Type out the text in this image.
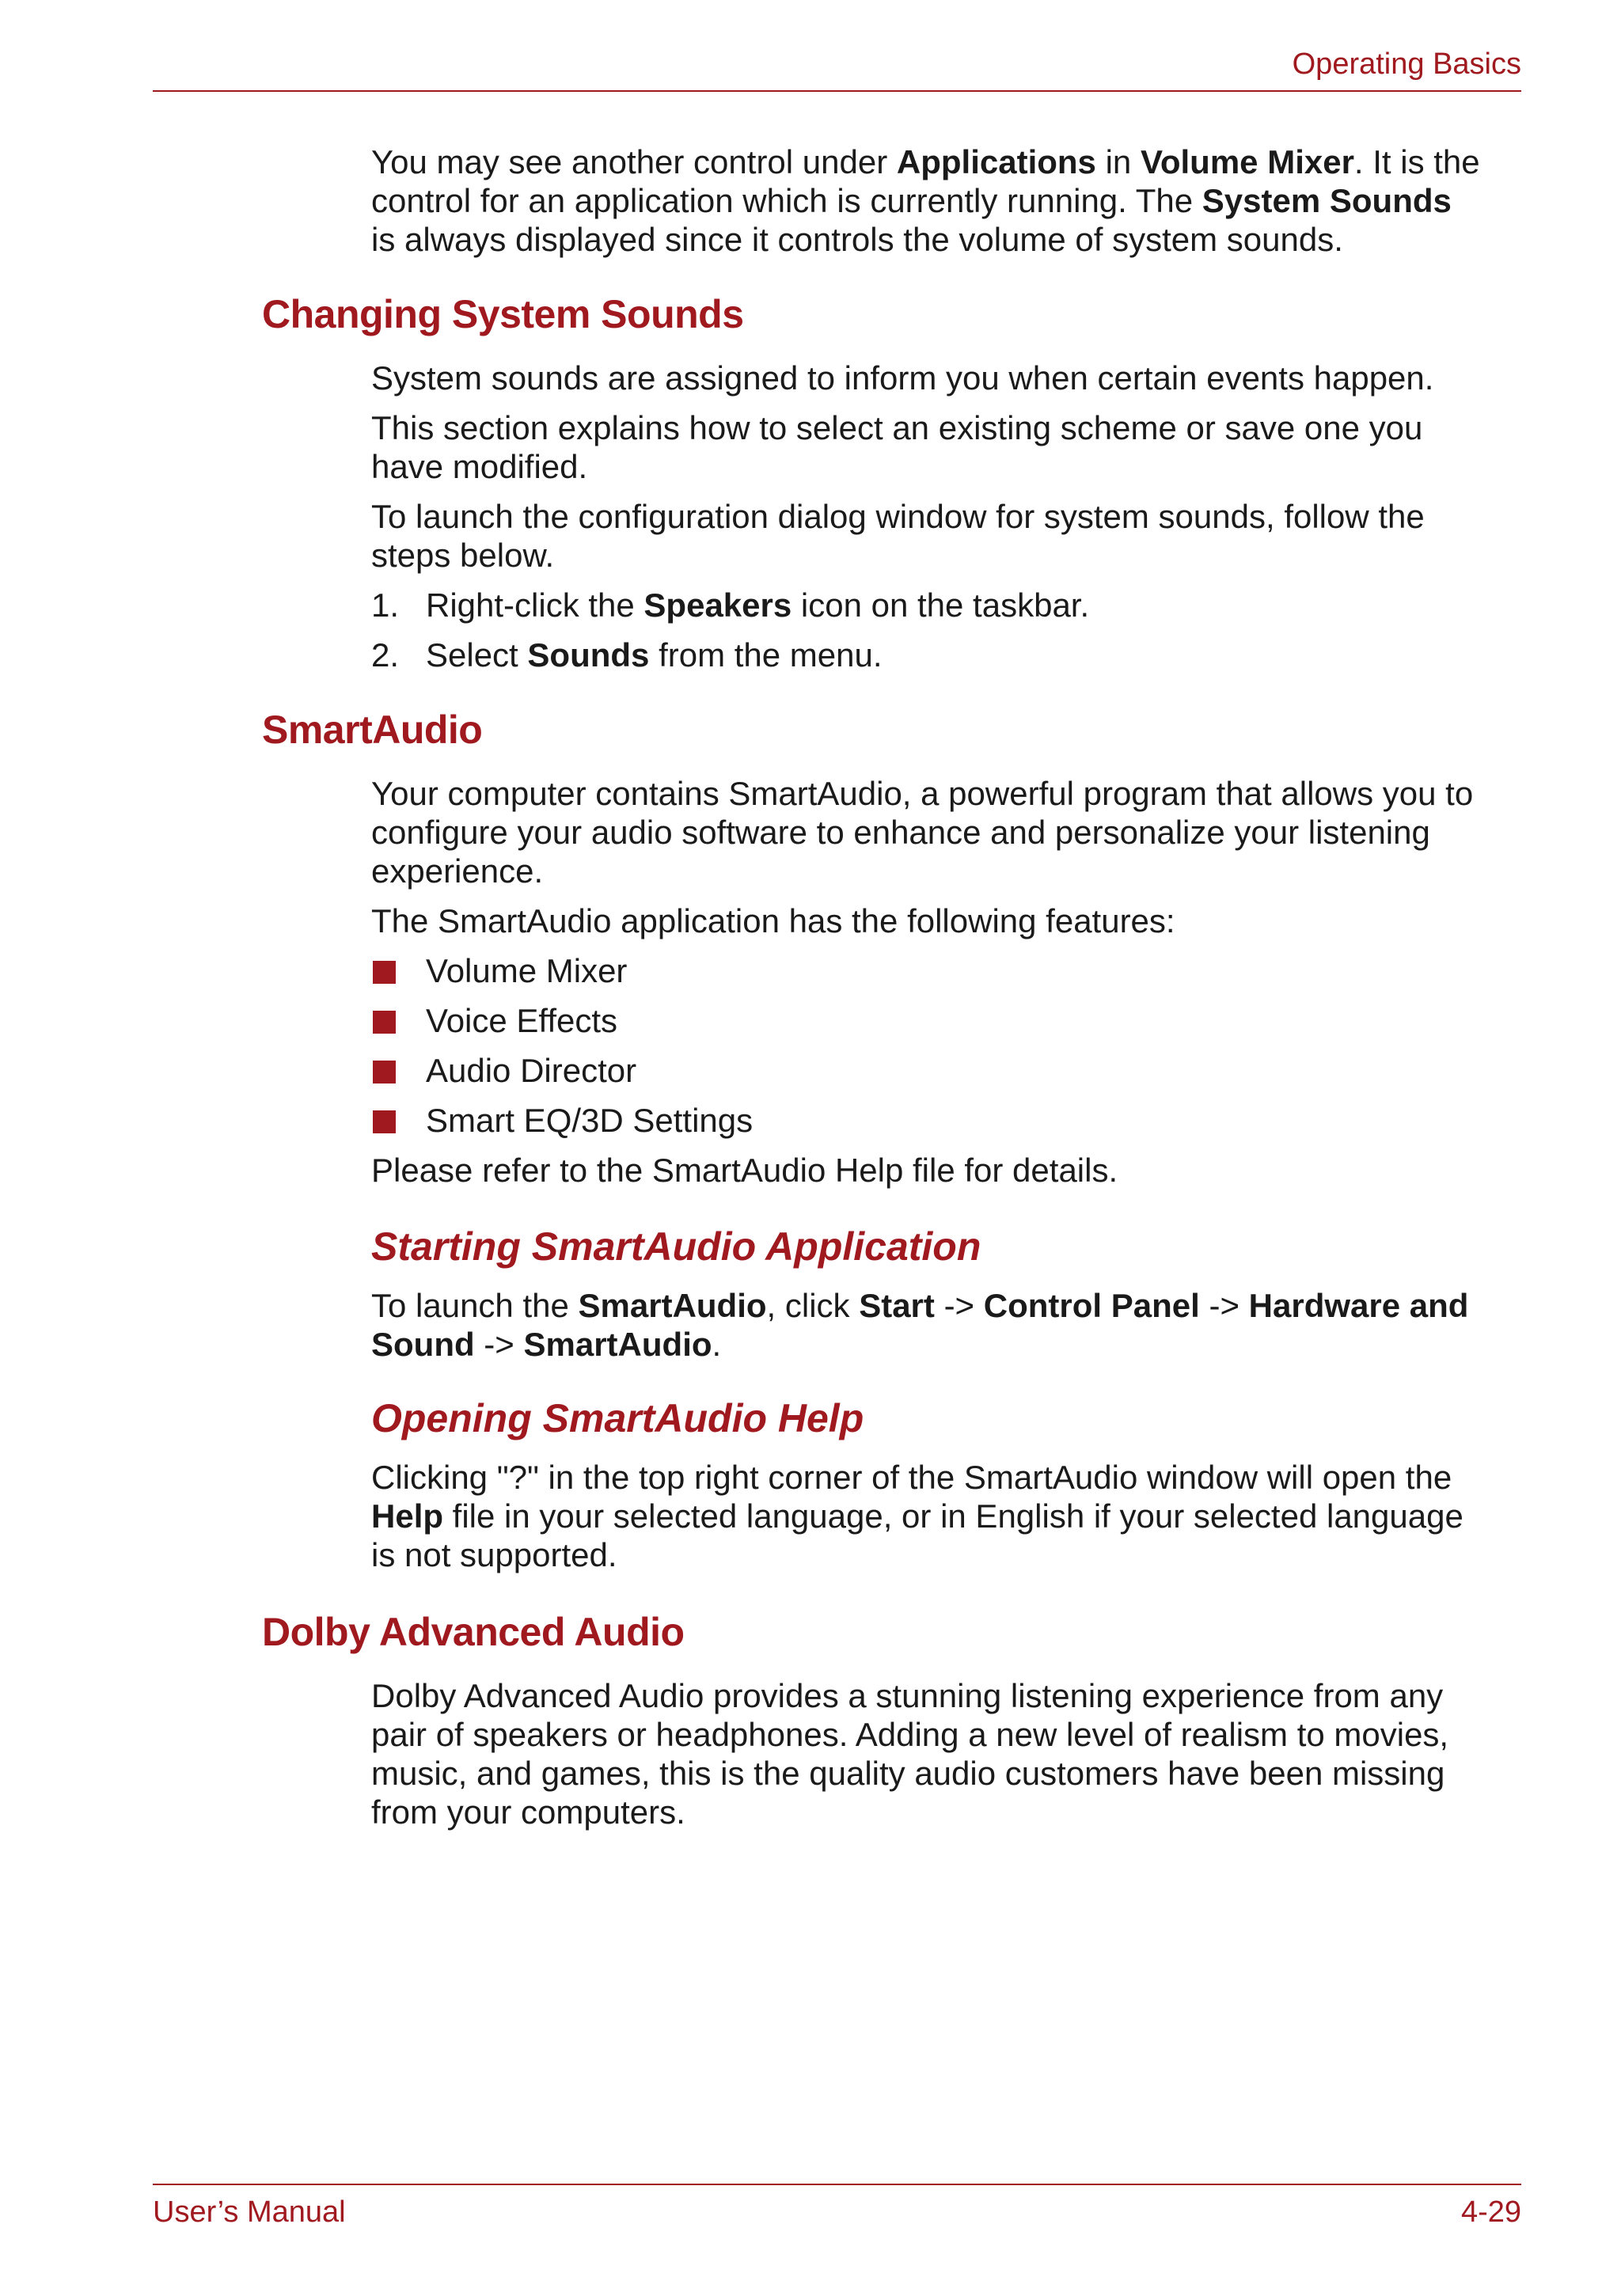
Operating Basics

You may see another control under Applications in Volume Mixer. It is the
control for an application which is currently running. The System Sounds
is always displayed since it controls the volume of system sounds.

Changing System Sounds

System sounds are assigned to inform you when certain events happen.

This section explains how to select an existing scheme or save one you
have modified.

To launch the configuration dialog window for system sounds, follow the
steps below.

1. Right-click the Speakers icon on the taskbar.
2. Select Sounds from the menu.
SmartAudio

Your computer contains SmartAudio, a powerful program that allows you to
configure your audio software to enhance and personalize your listening
experience.

The SmartAudio application has the following features:

Volume Mixer
Voice Effects
Audio Director
Smart EQ/3D Settings

Please refer to the SmartAudio Help file for details.

Starting SmartAudio Application

To launch the SmartAudio, click Start -> Control Panel -> Hardware and
Sound -> SmartAudio.

Opening SmartAudio Help

Clicking "?" in the top right corner of the SmartAudio window will open the
Help file in your selected language, or in English if your selected language
is not supported.

Dolby Advanced Audio

Dolby Advanced Audio provides a stunning listening experience from any
pair of speakers or headphones. Adding a new level of realism to movies,
music, and games, this is the quality audio customers have been missing
from your computers.

User’s Manual	4-29
